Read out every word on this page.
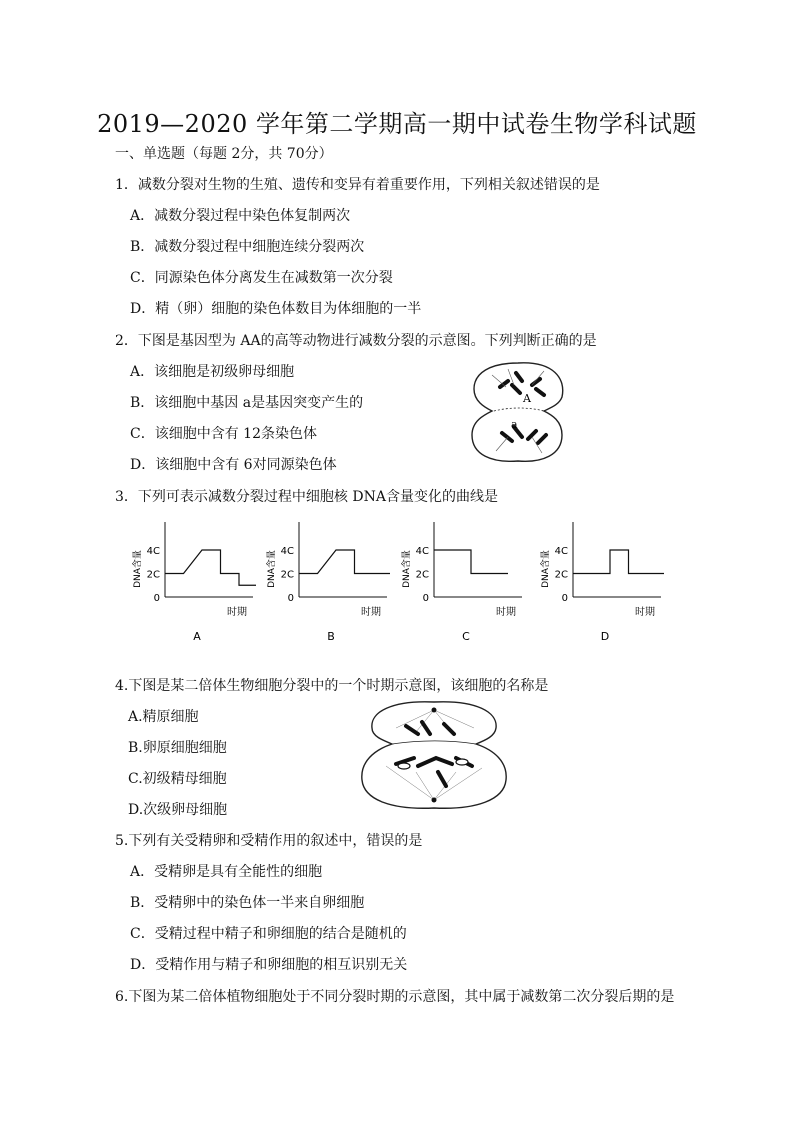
2019—2020 学年第二学期高一期中试卷生物学科试题
一、单选题（每题 2分，共 70分）
1．减数分裂对生物的生殖、遗传和变异有着重要作用，下列相关叙述错误的是
A．减数分裂过程中染色体复制两次
B．减数分裂过程中细胞连续分裂两次
C．同源染色体分离发生在减数第一次分裂
D．精（卵）细胞的染色体数目为体细胞的一半
2．下图是基因型为 AA的高等动物进行减数分裂的示意图。下列判断正确的是
A．该细胞是初级卵母细胞
B．该细胞中基因 a是基因突变产生的
C．该细胞中含有 12条染色体
D．该细胞中含有 6对同源染色体
A
a
3．下列可表示减数分裂过程中细胞核 DNA含量变化的曲线是
4C
2C
0
DNA含量
时期
A
4C
2C
0
DNA含量
时期
B
4C
2C
0
DNA含量
时期
C
4C
2C
0
DNA含量
时期
D
4.下图是某二倍体生物细胞分裂中的一个时期示意图，该细胞的名称是
A.精原细胞
B.卵原细胞细胞
C.初级精母细胞
D.次级卵母细胞
5.下列有关受精卵和受精作用的叙述中，错误的是
A．受精卵是具有全能性的细胞
B．受精卵中的染色体一半来自卵细胞
C．受精过程中精子和卵细胞的结合是随机的
D．受精作用与精子和卵细胞的相互识别无关
6.下图为某二倍体植物细胞处于不同分裂时期的示意图，其中属于减数第二次分裂后期的是
